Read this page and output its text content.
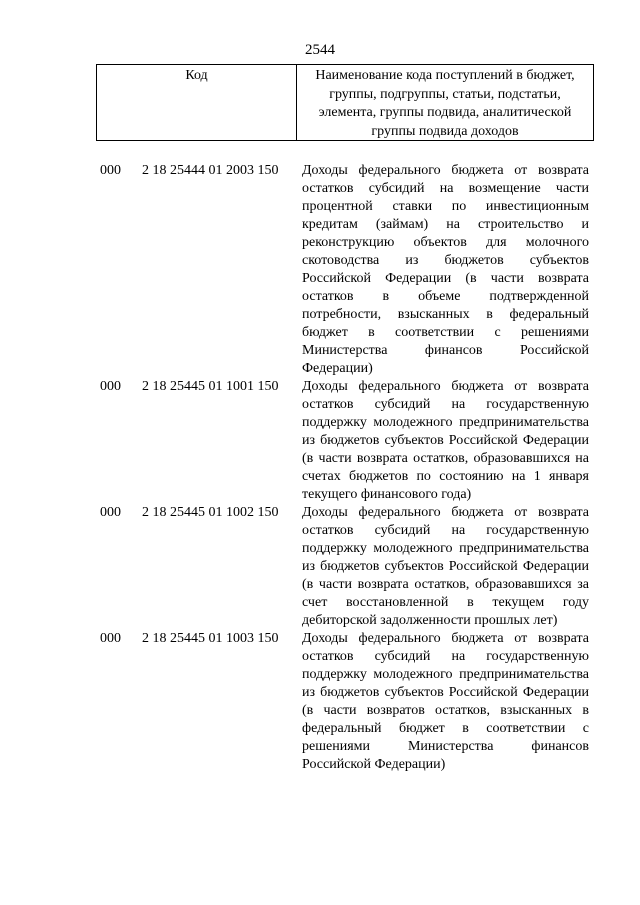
2544
Код	Наименование кода поступлений в бюджет, группы, подгруппы, статьи, подстатьи, элемента, группы подвида, аналитической группы подвида доходов
000	2 18 25444 01 2003 150	Доходы федерального бюджета от возврата остатков субсидий на возмещение части процентной ставки по инвестиционным кредитам (займам) на строительство и реконструкцию объектов для молочного скотоводства из бюджетов субъектов Российской Федерации (в части возврата остатков в объеме подтвержденной потребности, взысканных в федеральный бюджет в соответствии с решениями Министерства финансов Российской Федерации)
000	2 18 25445 01 1001 150	Доходы федерального бюджета от возврата остатков субсидий на государственную поддержку молодежного предпринимательства из бюджетов субъектов Российской Федерации (в части возврата остатков, образовавшихся на счетах бюджетов по состоянию на 1 января текущего финансового года)
000	2 18 25445 01 1002 150	Доходы федерального бюджета от возврата остатков субсидий на государственную поддержку молодежного предпринимательства из бюджетов субъектов Российской Федерации (в части возврата остатков, образовавшихся за счет восстановленной в текущем году дебиторской задолженности прошлых лет)
000	2 18 25445 01 1003 150	Доходы федерального бюджета от возврата остатков субсидий на государственную поддержку молодежного предпринимательства из бюджетов субъектов Российской Федерации (в части возвратов остатков, взысканных в федеральный бюджет в соответствии с решениями Министерства финансов Российской Федерации)
